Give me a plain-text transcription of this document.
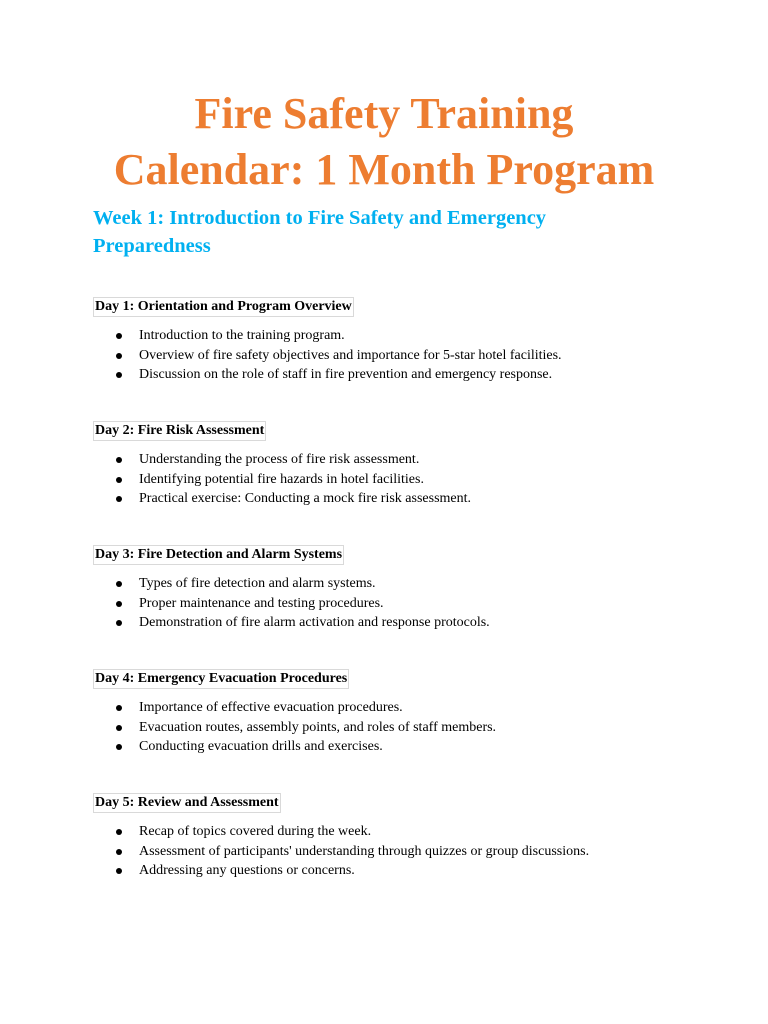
Fire Safety Training
Calendar: 1 Month Program
Week 1: Introduction to Fire Safety and Emergency
Preparedness
Day 1: Orientation and Program Overview
Introduction to the training program.
Overview of fire safety objectives and importance for 5-star hotel facilities.
Discussion on the role of staff in fire prevention and emergency response.
Day 2: Fire Risk Assessment
Understanding the process of fire risk assessment.
Identifying potential fire hazards in hotel facilities.
Practical exercise: Conducting a mock fire risk assessment.
Day 3: Fire Detection and Alarm Systems
Types of fire detection and alarm systems.
Proper maintenance and testing procedures.
Demonstration of fire alarm activation and response protocols.
Day 4: Emergency Evacuation Procedures
Importance of effective evacuation procedures.
Evacuation routes, assembly points, and roles of staff members.
Conducting evacuation drills and exercises.
Day 5: Review and Assessment
Recap of topics covered during the week.
Assessment of participants' understanding through quizzes or group discussions.
Addressing any questions or concerns.
